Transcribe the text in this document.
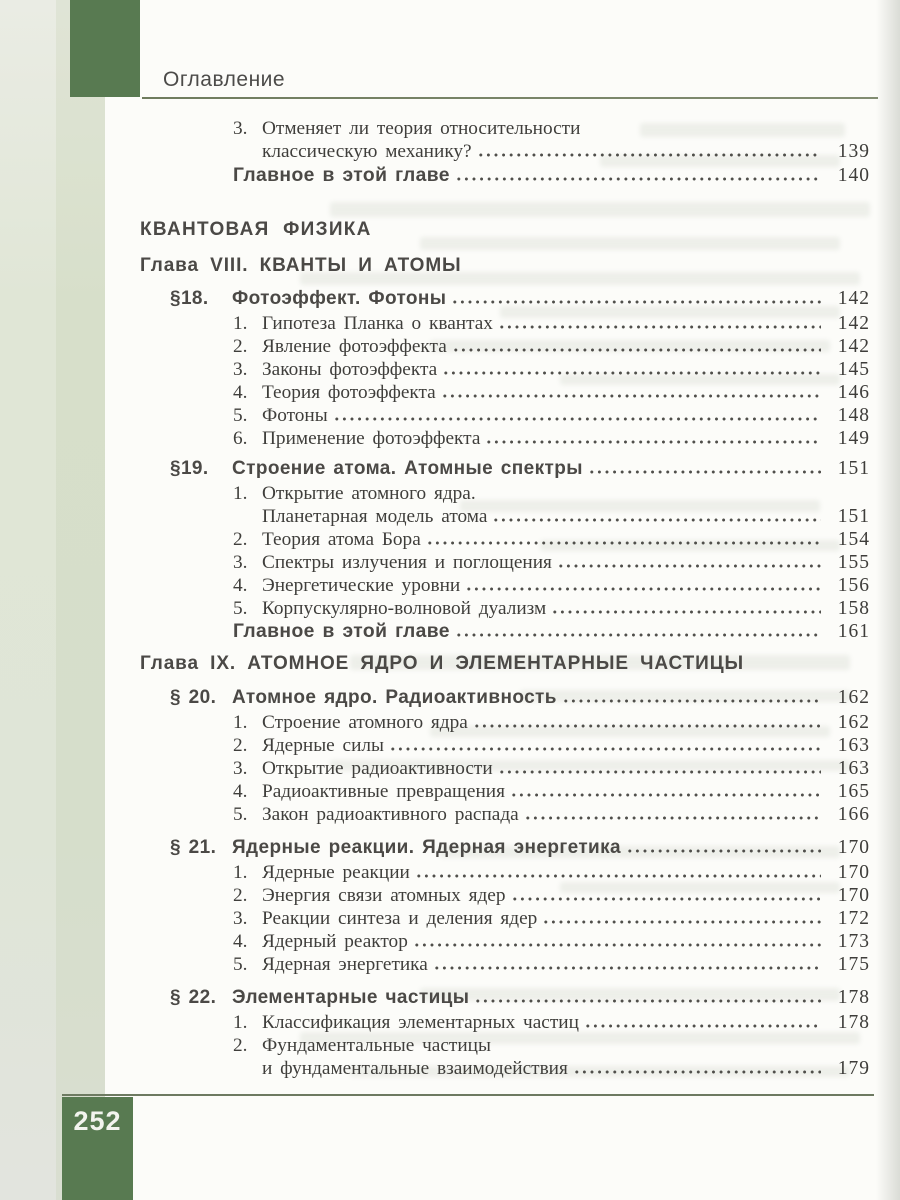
Оглавление
3. Отменяет ли теория относительности
классическую механику?	139
Главное в этой главе	140
КВАНТОВАЯ ФИЗИКА
Глава VIII. КВАНТЫ И АТОМЫ
§18.	Фотоэффект. Фотоны	142
1. Гипотеза Планка о квантах	142
2. Явление фотоэффекта	142
3. Законы фотоэффекта	145
4. Теория фотоэффекта	146
5. Фотоны	148
6. Применение фотоэффекта	149
§19.	Строение атома. Атомные спектры	151
1. Открытие атомного ядра.
Планетарная модель атома	151
2. Теория атома Бора	154
3. Спектры излучения и поглощения	155
4. Энергетические уровни	156
5. Корпускулярно-волновой дуализм	158
Главное в этой главе	161
Глава IX. АТОМНОЕ ЯДРО И ЭЛЕМЕНТАРНЫЕ ЧАСТИЦЫ
§ 20. Атомное ядро. Радиоактивность	162
1. Строение атомного ядра	162
2. Ядерные силы	163
3. Открытие радиоактивности	163
4. Радиоактивные превращения	165
5. Закон радиоактивного распада	166
§ 21. Ядерные реакции. Ядерная энергетика	170
1. Ядерные реакции	170
2. Энергия связи атомных ядер	170
3. Реакции синтеза и деления ядер	172
4. Ядерный реактор	173
5. Ядерная энергетика	175
§ 22. Элементарные частицы	178
1. Классификация элементарных частиц	178
2. Фундаментальные частицы
и фундаментальные взаимодействия	179
252
